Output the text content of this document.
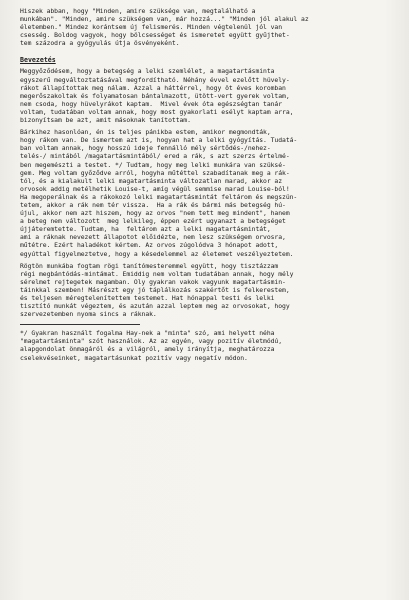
Hiszek abban, hogy "Minden, amire szüksége van, megtalálható a
munkában". "Minden, amire szükségem van, már hozzá..." "Minden jól alakul az
életemben." Mindez korántsem új felismerés. Minden végtelenül jól van
csesség. Boldog vagyok, hogy bölcsességet és ismeretet együtt gyűjthet-
tem százodra a gyógyulás útja ösvényeként.
Bevezetés
Meggyőződésem, hogy a betegség a lelki szemlélet, a magatartásminta
egyszerű megváltoztatásával megfordítható. Néhány évvel ezelőtt hüvely-
rákot állapítottak meg nálam. Azzal a háttérrel, hogy öt éves koromban
megerőszakoltak és folyamatosan bántalmazott, ütött-vert gyerek voltam,
nem csoda, hogy hüvelyrákot kaptam.  Mivel évek óta egészségtan tanár
voltam, tudatában voltam annak, hogy most gyakorlati esélyt kaptam arra,
bizonyítsam be azt, amit másoknak tanítottam.
Bárkihez hasonlóan, én is teljes pánikba estem, amikor megmondták,
hogy rákom van. De ismertem azt is, hogyan hat a lelki gyógyítás. Tudatá-
ban voltam annak, hogy hosszú ideje fennálló mély sértődés-/nehez-
telés-/ mintából /magatartásmintából/ ered a rák, s azt szerzs értelmé-
ben megemészti a testet. */ Tudtam, hogy meg lelki munkára van szüksé-
gem. Meg voltam győződve arról, hogyha műtéttel szabadítanak meg a rák-
tól, és a kialakult lelki magatartásminta változatlan marad, akkor az
orvosok addig metélhetik Louise-t, amíg végül semmise marad Louise-ból!
Ha megoperálnak és a rákokozó lelki magatartásmintát feltárom és megszün-
tetem, akkor a rák nem tér vissza.  Ha a rák és bármi más betegség hú-
újul, akkor nem azt hiszem, hogy az orvos "nem tett meg mindent", hanem
a beteg nem változott  meg lelkileg, éppen ezért ugyanazt a betegséget
újjáteremtette. Tudtam, ha  feltárom azt a lelki magatartásmintát,
ami a ráknak nevezett állapotot előidézte, nem lesz szükségem orvosra,
műtétre. Ezért haladékot kértem. Az orvos zúgolódva 3 hónapot adott,
egyúttal figyelmeztetve, hogy a késedelemmel az életemet veszélyeztetem.
Rögtön munkába fogtam rögi tanítómesteremmel együtt, hogy tisztázzam
régi megbántódás-mintámat. Emiddig nem voltam tudatában annak, hogy mély
sérelmet rejtegetek magamban. Oly gyakran vakok vagyunk magatartásmin-
táinkkal szemben! Másrészt egy jó táplálkozás szakértőt is felkerestem,
és teljesen méregtelenítettem testemet. Hat hónappal testi és lelki
tisztító munkát végeztem, és azután azzal leptem meg az orvosokat, hogy
szervezetemben nyoma sincs a ráknak.
*/ Gyakran használt fogalma Hay-nek a "minta" szó, ami helyett néha
"magatartásminta" szót használok. Az az egyén, vagy pozitív életmódú,
alapgondolat önmagáról és a világról, amely irányítja, meghatározza
cselekvéseinket, magatartásunkat pozitív vagy negatív módon.
